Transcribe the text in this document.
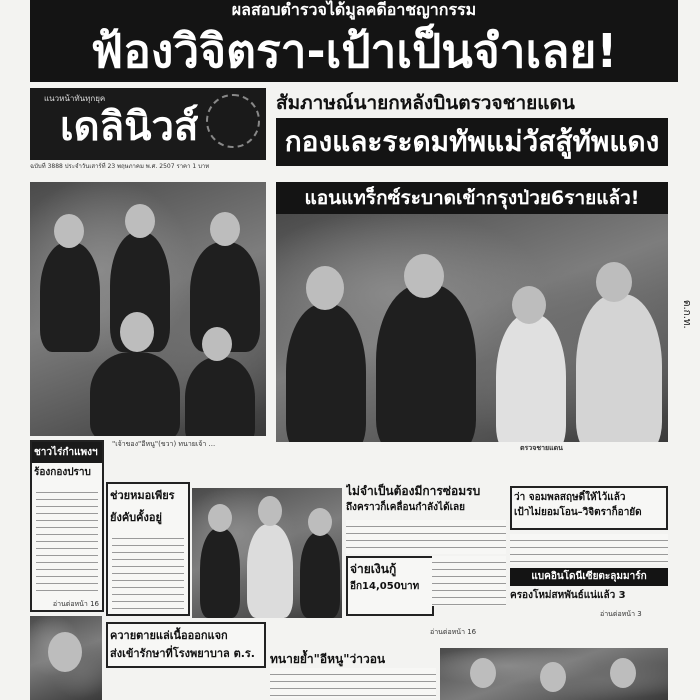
ผลสอบตำรวจได้มูลคดีอาชญากรรม
ฟ้องวิจิตรา-เป้าเป็นจำเลย!
แนวหน้าทันทุกยุค
เดลินิวส์
ฉบับที่ 3888 ประจำวันเสาร์ที่ 23 พฤษภาคม พ.ศ. 2507 ราคา 1 บาท
สัมภาษณ์นายกหลังบินตรวจชายแดน
กองและระดมทัพแม่วัสสู้ทัพแดง
แอนแทร็กซ์ระบาดเข้ากรุงป่วย6รายแล้ว!
"เจ้าของ"อีหนู"(ขวา) ทนายเจ้า ...	ตรวจชายแดน
ด.ก.ท.
ชาวไร่กำแพงฯ
ร้องกองปราบ
อ่านต่อหน้า 16
ช่วยหมอเพียร
ยังคับคั้งอยู่
ไม่จำเป็นต้องมีการซ่อมรบ
ถึงคราวก็เคลื่อนกำลังได้เลย
จ่ายเงินกู้
อีก14,050บาท
ว่า จอมพลสฤษดิ์ให้ไว้แล้ว
เป้าไม่ยอมโอน–วิจิตราก็อายัด
แบคอินโดนีเซียตะลุมมาร์ก
ครองโหม่สหพันธ์แน่แล้ว 3
อ่านต่อหน้า 3
ควายตายแล่เนื้อออกแจก
ส่งเข้ารักษาที่โรงพยาบาล ต.ร.	ทนายย้ำ"อีหนู"ว่าวอน
อ่านต่อหน้า 16
